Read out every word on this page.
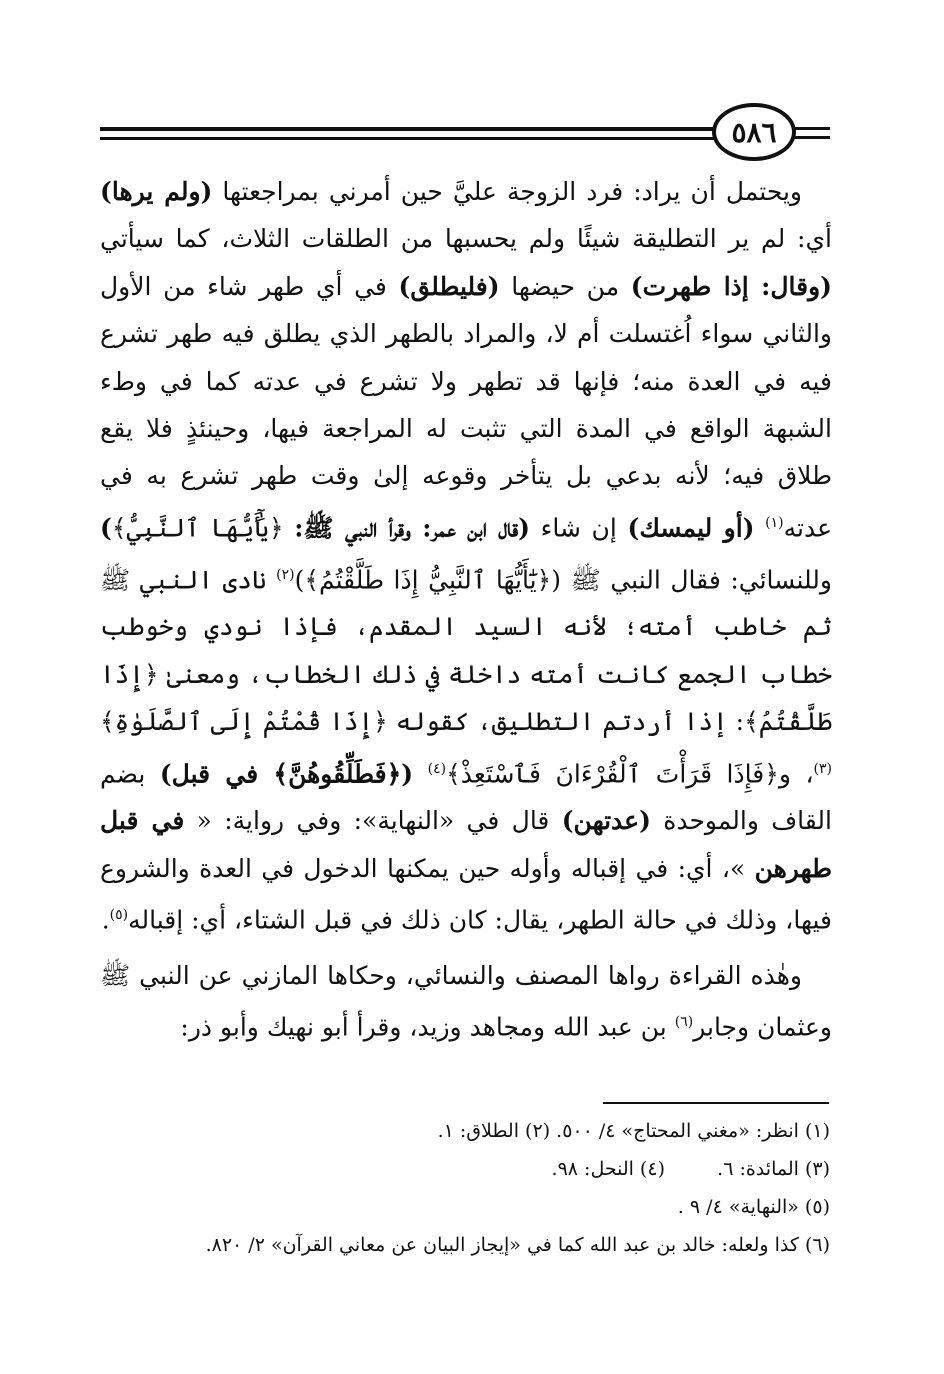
٥٨٦

ويحتمل أن يراد: فرد الزوجة عليَّ حين أمرني بمراجعتها (ولم يرها) أي: لم ير التطليقة شيئًا ولم يحسبها من الطلقات الثلاث، كما سيأتي (وقال: إذا طهرت) من حيضها (فليطلق) في أي طهر شاء من الأول والثاني سواء اُغتسلت أم لا، والمراد بالطهر الذي يطلق فيه طهر تشرع فيه في العدة منه؛ فإنها قد تطهر ولا تشرع في عدته كما في وطء الشبهة الواقع في المدة التي تثبت له المراجعة فيها، وحينئذٍ فلا يقع طلاق فيه؛ لأنه بدعي بل يتأخر وقوعه إلىٰ وقت طهر تشرع به في عدته$^{(١)}$ (أو ليمسك) إن شاء (قال ابن عمر: وقرأ النبي ﷺ: ﴿يَٰٓأَيُّهَا ٱلنَّبِيُّ﴾) وللنسائي: فقال النبي ﷺ (﴿يَٰٓأَيُّهَا ٱلنَّبِيُّ إِذَا طَلَّقْتُمُ﴾)$^{(٢)}$ نادى النبي ﷺ ثم خاطب أمته؛ لأنه السيد المقدم، فإذا نودي وخوطب خطاب الجمع كانت أمته داخلة في ذلك الخطاب، ومعنىٰ ﴿إِذَا طَلَّقْتُمُ﴾: إذا أردتم التطليق، كقوله ﴿إِذَا قُمْتُمْ إِلَى ٱلصَّلَوٰةِ﴾$^{(٣)}$، و﴿فَإِذَا قَرَأْتَ ٱلْقُرْءَانَ فَٱسْتَعِذْ﴾$^{(٤)}$ (﴿فَطَلِّقُوهُنَّ﴾ في قبل) بضم القاف والموحدة (عدتهن) قال في «النهاية»: وفي رواية: « في قبل طهرهن »، أي: في إقباله وأوله حين يمكنها الدخول في العدة والشروع فيها، وذلك في حالة الطهر، يقال: كان ذلك في قبل الشتاء، أي: إقباله$^{(٥)}$.

وهٰذه القراءة رواها المصنف والنسائي، وحكاها المازني عن النبي ﷺ وعثمان وجابر$^{(٦)}$ بن عبد الله ومجاهد وزيد، وقرأ أبو نهيك وأبو ذر:

(١) انظر: «مغني المحتاج» ٤/ ٥٠٠. (٢) الطلاق: ١.
(٣) المائدة: ٦.
(٤) النحل: ٩٨.
(٥) «النهاية» ٤/ ٩ .
(٦) كذا ولعله: خالد بن عبد الله كما في «إيجاز البيان عن معاني القرآن» ٢/ ٨٢٠.
